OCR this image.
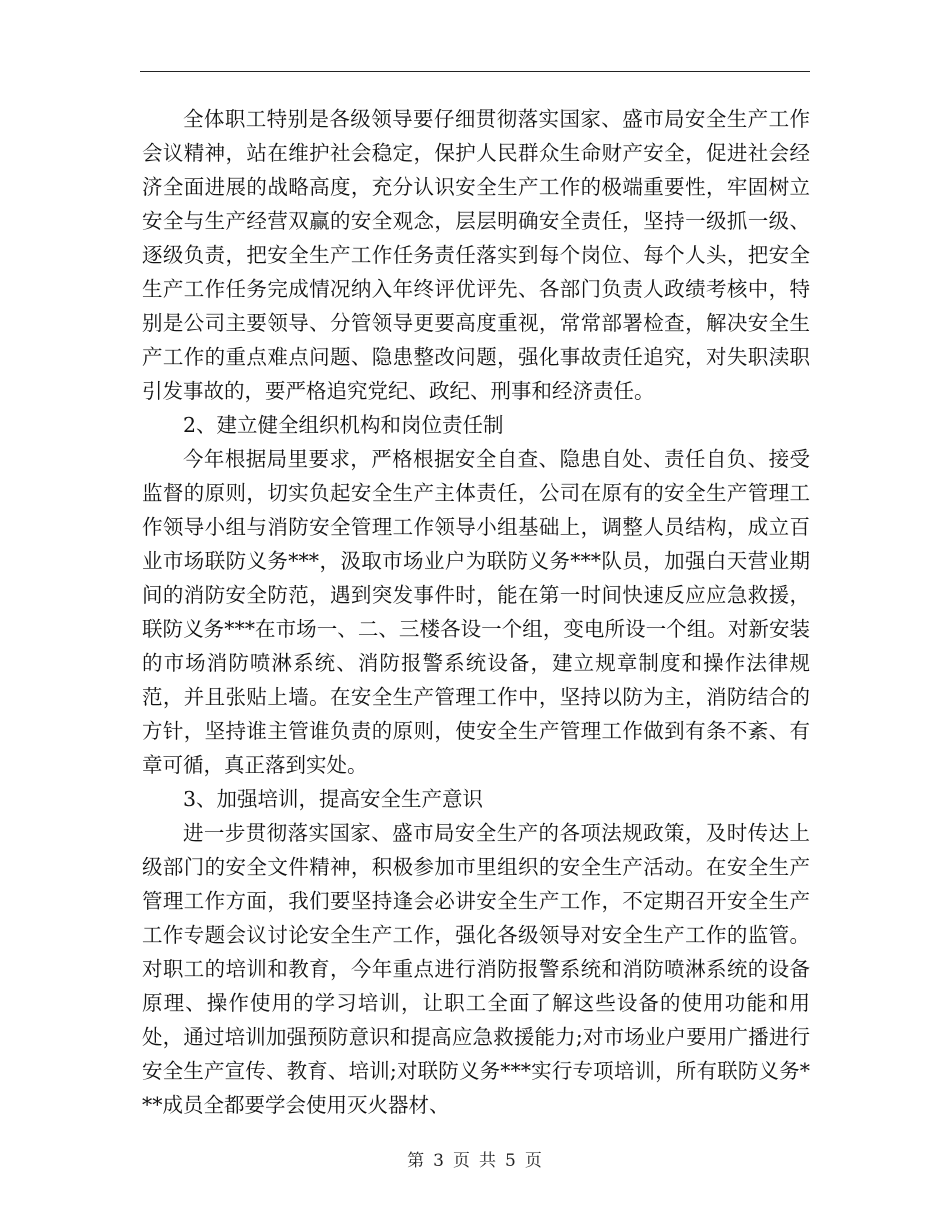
全体职工特别是各级领导要仔细贯彻落实国家、盛市局安全生产工作会议精神，站在维护社会稳定，保护人民群众生命财产安全，促进社会经济全面进展的战略高度，充分认识安全生产工作的极端重要性，牢固树立安全与生产经营双赢的安全观念，层层明确安全责任，坚持一级抓一级、逐级负责，把安全生产工作任务责任落实到每个岗位、每个人头，把安全生产工作任务完成情况纳入年终评优评先、各部门负责人政绩考核中，特别是公司主要领导、分管领导更要高度重视，常常部署检查，解决安全生产工作的重点难点问题、隐患整改问题，强化事故责任追究，对失职渎职引发事故的，要严格追究党纪、政纪、刑事和经济责任。

2、建立健全组织机构和岗位责任制

今年根据局里要求，严格根据安全自查、隐患自处、责任自负、接受监督的原则，切实负起安全生产主体责任，公司在原有的安全生产管理工作领导小组与消防安全管理工作领导小组基础上，调整人员结构，成立百业市场联防义务***，汲取市场业户为联防义务***队员，加强白天营业期间的消防安全防范，遇到突发事件时，能在第一时间快速反应应急救援，联防义务***在市场一、二、三楼各设一个组，变电所设一个组。对新安装的市场消防喷淋系统、消防报警系统设备，建立规章制度和操作法律规范，并且张贴上墙。在安全生产管理工作中，坚持以防为主，消防结合的方针，坚持谁主管谁负责的原则，使安全生产管理工作做到有条不紊、有章可循，真正落到实处。

3、加强培训，提高安全生产意识

进一步贯彻落实国家、盛市局安全生产的各项法规政策，及时传达上级部门的安全文件精神，积极参加市里组织的安全生产活动。在安全生产管理工作方面，我们要坚持逢会必讲安全生产工作，不定期召开安全生产工作专题会议讨论安全生产工作，强化各级领导对安全生产工作的监管。对职工的培训和教育，今年重点进行消防报警系统和消防喷淋系统的设备原理、操作使用的学习培训，让职工全面了解这些设备的使用功能和用处，通过培训加强预防意识和提高应急救援能力;对市场业户要用广播进行安全生产宣传、教育、培训;对联防义务***实行专项培训，所有联防义务***成员全都要学会使用灭火器材、

第 3 页 共 5 页
